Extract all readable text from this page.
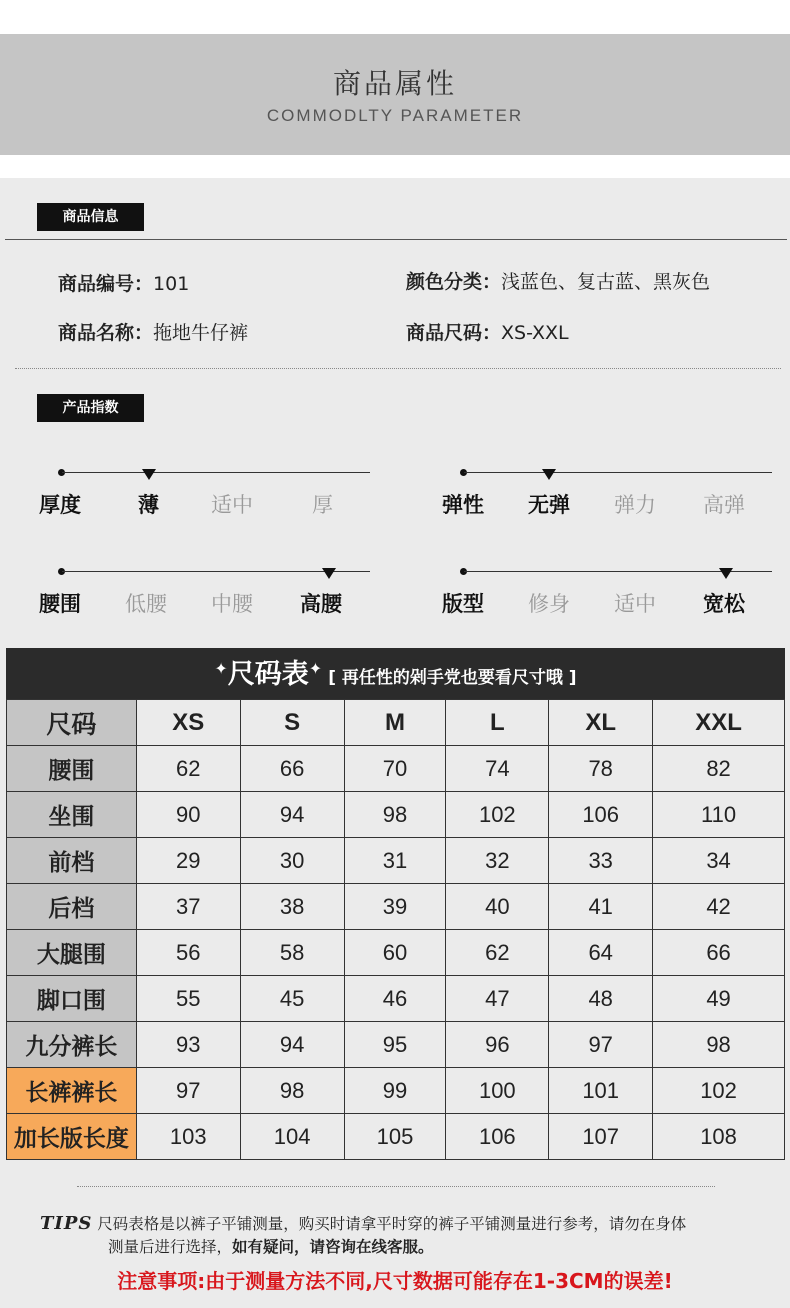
商品属性
COMMODLTY PARAMETER
商品信息
商品编号：101	颜色分类：浅蓝色、复古蓝、黑灰色
商品名称：拖地牛仔裤	商品尺码：XS-XXL
产品指数
厚度	薄 适中	厚	弹性 无弹 弹力 高弹
腰围 低腰 中腰 高腰	版型 修身 适中 宽松
✦尺码表✦ [ 再任性的剁手党也要看尺寸哦 ]
尺码	XS	S	M	L	XL	XXL
腰围	62	66	70	74	78	82
坐围	90	94	98	102	106	110
前档	29	30	31	32	33	34
后档	37	38	39	40	41	42
大腿围	56	58	60	62	64	66
脚口围	55	45	46	47	48	49
九分裤长	93	94	95	96	97	98
长裤裤长	97	98	99	100	101	102
加长版长度	103	104	105	106	107	108
TIPS 尺码表格是以裤子平铺测量，购买时请拿平时穿的裤子平铺测量进行参考，请勿在身体
测量后进行选择，如有疑问，请咨询在线客服。
注意事项:由于测量方法不同,尺寸数据可能存在1-3CM的误差!
